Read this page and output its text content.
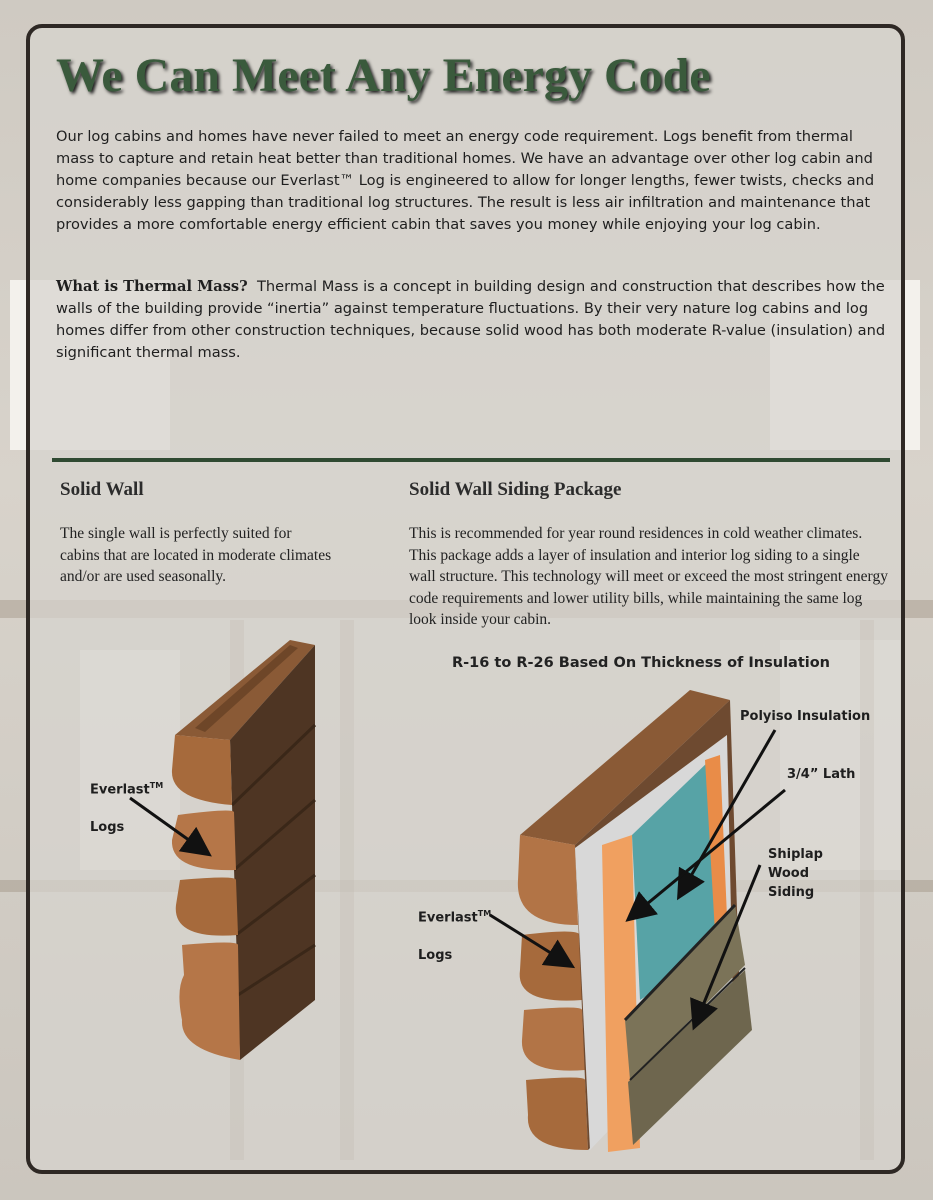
We Can Meet Any Energy Code

Our log cabins and homes have never failed to meet an energy code requirement. Logs benefit from thermal mass to capture and retain heat better than traditional homes. We have an advantage over other log cabin and home companies because our Everlast™ Log is engineered to allow for longer lengths, fewer twists, checks and considerably less gapping than traditional log structures. The result is less air infiltration and maintenance that provides a more comfortable energy efficient cabin that saves you money while enjoying your log cabin.

What is Thermal Mass? Thermal Mass is a concept in building design and construction that describes how the walls of the building provide “inertia” against temperature fluctuations. By their very nature log cabins and log homes differ from other construction techniques, because solid wood has both moderate R-value (insulation) and significant thermal mass.

Solid Wall

The single wall is perfectly suited for cabins that are located in moderate climates and/or are used seasonally.

Solid Wall Siding Package

This is recommended for year round residences in cold weather climates. This package adds a layer of insulation and interior log siding to a single wall structure. This technology will meet or exceed the most stringent energy code requirements and lower utility bills, while maintaining the same log look inside your cabin.

R-16 to R-26 Based On Thickness of Insulation

Everlast™

Logs

Polyiso Insulation
3/4” Lath
Shiplap
Wood
Siding

Everlast™

Logs
